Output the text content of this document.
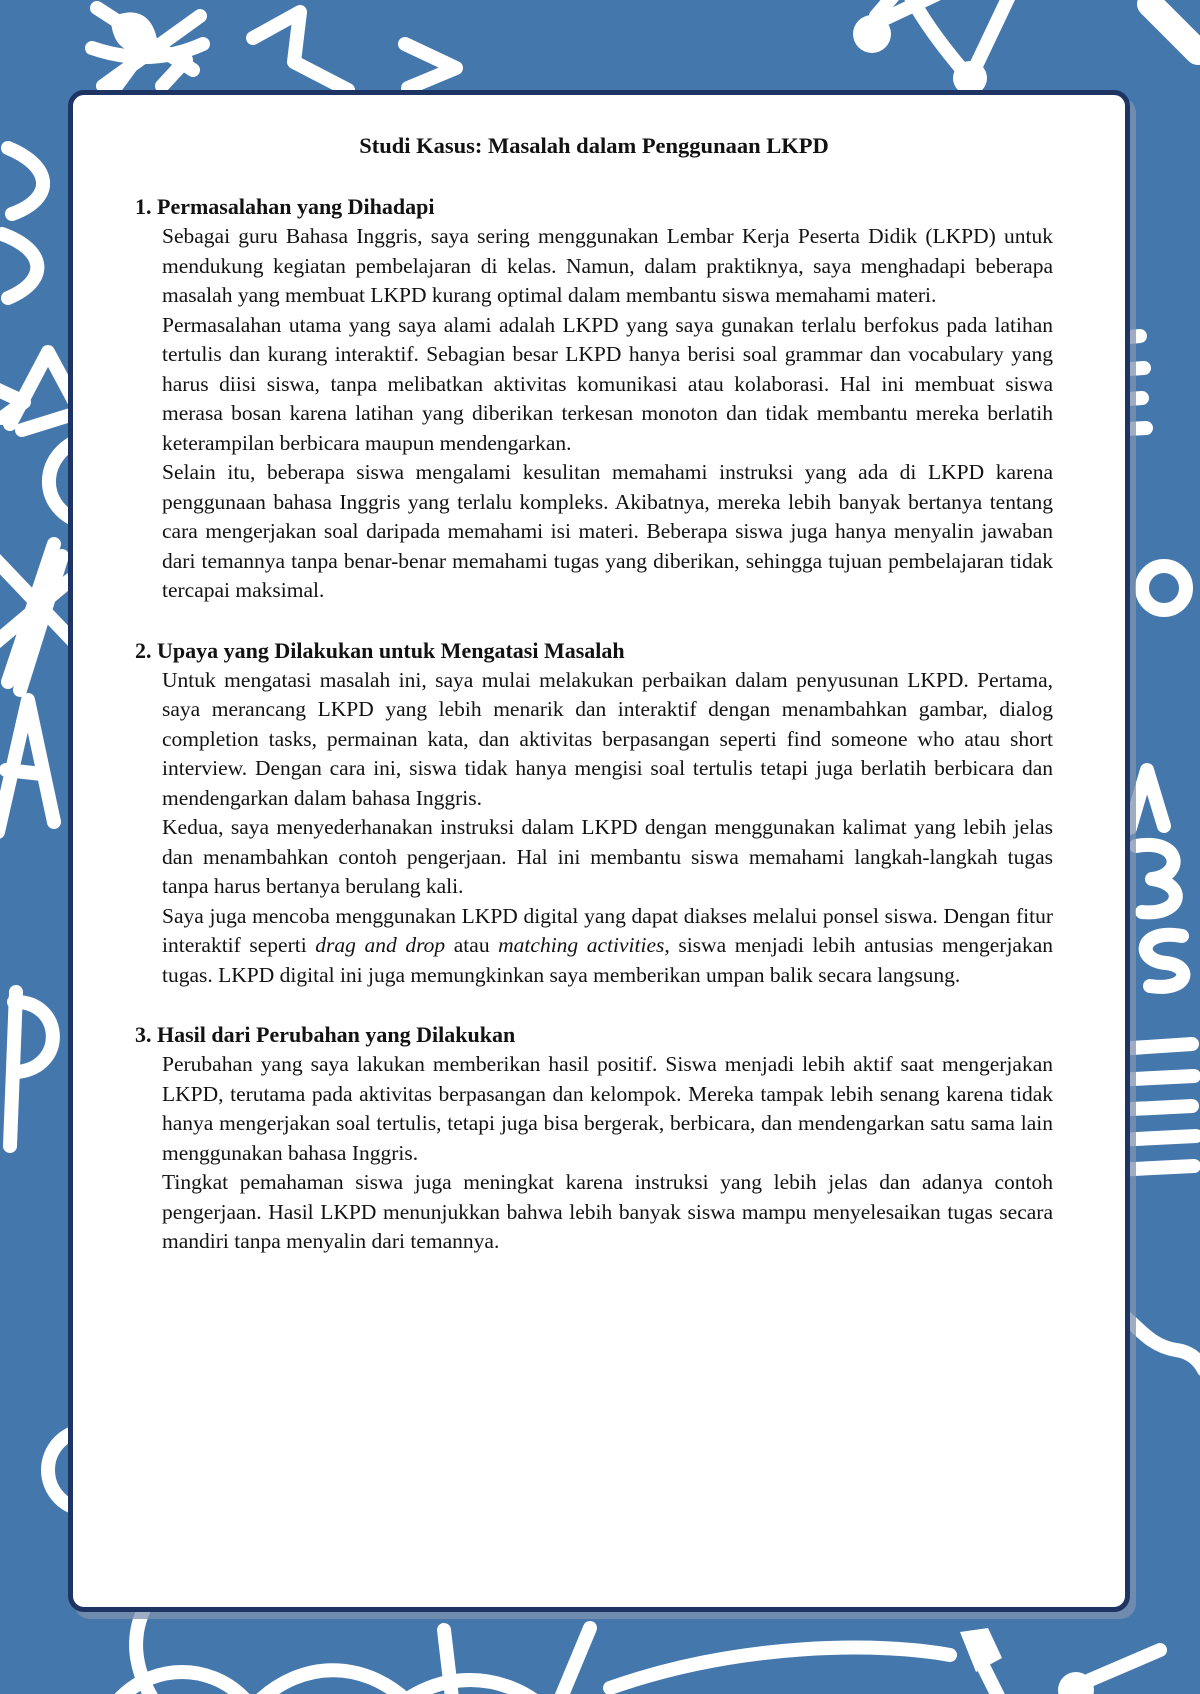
Studi Kasus: Masalah dalam Penggunaan LKPD
1. Permasalahan yang Dihadapi

Sebagai guru Bahasa Inggris, saya sering menggunakan Lembar Kerja Peserta Didik (LKPD) untuk mendukung kegiatan pembelajaran di kelas. Namun, dalam praktiknya, saya menghadapi beberapa masalah yang membuat LKPD kurang optimal dalam membantu siswa memahami materi.

Permasalahan utama yang saya alami adalah LKPD yang saya gunakan terlalu berfokus pada latihan tertulis dan kurang interaktif. Sebagian besar LKPD hanya berisi soal grammar dan vocabulary yang harus diisi siswa, tanpa melibatkan aktivitas komunikasi atau kolaborasi. Hal ini membuat siswa merasa bosan karena latihan yang diberikan terkesan monoton dan tidak membantu mereka berlatih keterampilan berbicara maupun mendengarkan.

Selain itu, beberapa siswa mengalami kesulitan memahami instruksi yang ada di LKPD karena penggunaan bahasa Inggris yang terlalu kompleks. Akibatnya, mereka lebih banyak bertanya tentang cara mengerjakan soal daripada memahami isi materi. Beberapa siswa juga hanya menyalin jawaban dari temannya tanpa benar-benar memahami tugas yang diberikan, sehingga tujuan pembelajaran tidak tercapai maksimal.

2. Upaya yang Dilakukan untuk Mengatasi Masalah

Untuk mengatasi masalah ini, saya mulai melakukan perbaikan dalam penyusunan LKPD. Pertama, saya merancang LKPD yang lebih menarik dan interaktif dengan menambahkan gambar, dialog completion tasks, permainan kata, dan aktivitas berpasangan seperti find someone who atau short interview. Dengan cara ini, siswa tidak hanya mengisi soal tertulis tetapi juga berlatih berbicara dan mendengarkan dalam bahasa Inggris.

Kedua, saya menyederhanakan instruksi dalam LKPD dengan menggunakan kalimat yang lebih jelas dan menambahkan contoh pengerjaan. Hal ini membantu siswa memahami langkah-langkah tugas tanpa harus bertanya berulang kali.

Saya juga mencoba menggunakan LKPD digital yang dapat diakses melalui ponsel siswa. Dengan fitur interaktif seperti drag and drop atau matching activities, siswa menjadi lebih antusias mengerjakan tugas. LKPD digital ini juga memungkinkan saya memberikan umpan balik secara langsung.

3. Hasil dari Perubahan yang Dilakukan

Perubahan yang saya lakukan memberikan hasil positif. Siswa menjadi lebih aktif saat mengerjakan LKPD, terutama pada aktivitas berpasangan dan kelompok. Mereka tampak lebih senang karena tidak hanya mengerjakan soal tertulis, tetapi juga bisa bergerak, berbicara, dan mendengarkan satu sama lain menggunakan bahasa Inggris.

Tingkat pemahaman siswa juga meningkat karena instruksi yang lebih jelas dan adanya contoh pengerjaan. Hasil LKPD menunjukkan bahwa lebih banyak siswa mampu menyelesaikan tugas secara mandiri tanpa menyalin dari temannya.
